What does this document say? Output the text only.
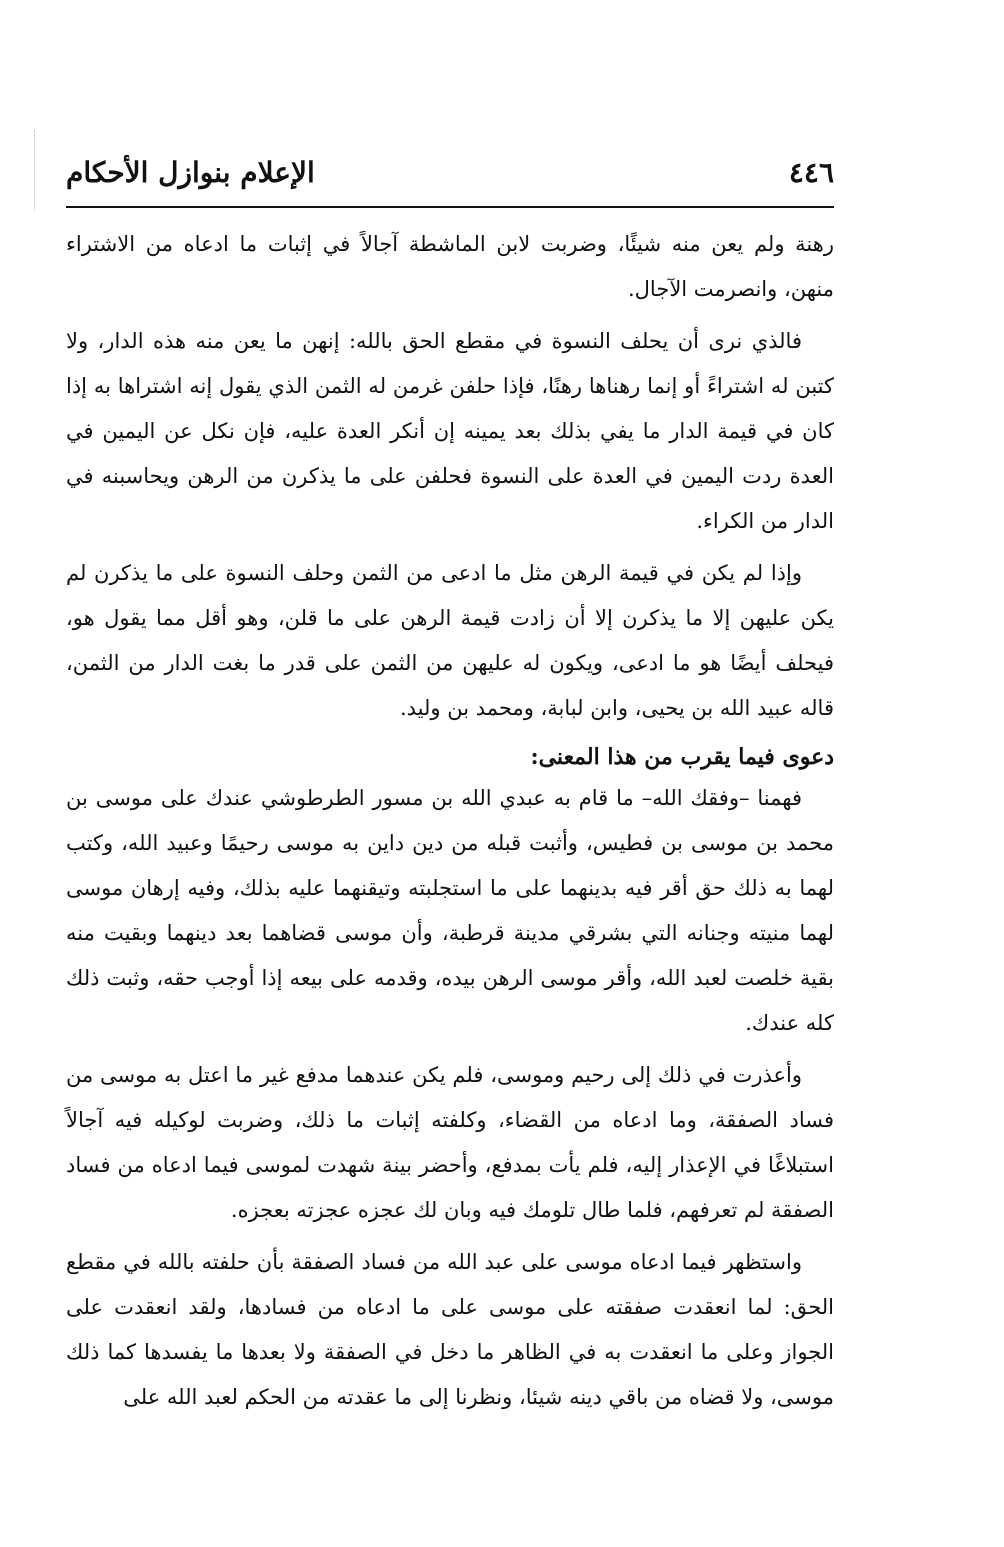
٤٤٦
الإعلام بنوازل الأحكام

رهنة ولم يعن منه شيئًا، وضربت لابن الماشطة آجالاً في إثبات ما ادعاه من الاشتراء منهن، وانصرمت الآجال.

فالذي نرى أن يحلف النسوة في مقطع الحق بالله: إنهن ما يعن منه هذه الدار، ولا كتبن له اشتراءً أو إنما رهناها رهنًا، فإذا حلفن غرمن له الثمن الذي يقول إنه اشتراها به إذا كان في قيمة الدار ما يفي بذلك بعد يمينه إن أنكر العدة عليه، فإن نكل عن اليمين في العدة ردت اليمين في العدة على النسوة فحلفن على ما يذكرن من الرهن ويحاسبنه في الدار من الكراء.

وإذا لم يكن في قيمة الرهن مثل ما ادعى من الثمن وحلف النسوة على ما يذكرن لم يكن عليهن إلا ما يذكرن إلا أن زادت قيمة الرهن على ما قلن، وهو أقل مما يقول هو، فيحلف أيضًا هو ما ادعى، ويكون له عليهن من الثمن على قدر ما بغت الدار من الثمن، قاله عبيد الله بن يحيى، وابن لبابة، ومحمد بن وليد.

دعوى فيما يقرب من هذا المعنى:

فهمنا –وفقك الله– ما قام به عبدي الله بن مسور الطرطوشي عندك على موسى بن محمد بن موسى بن فطيس، وأثبت قبله من دين داين به موسى رحيمًا وعبيد الله، وكتب لهما به ذلك حق أقر فيه بدينهما على ما استجلبته وتيقنهما عليه بذلك، وفيه إرهان موسى لهما منيته وجنانه التي بشرقي مدينة قرطبة، وأن موسى قضاهما بعد دينهما وبقيت منه بقية خلصت لعبد الله، وأقر موسى الرهن بيده، وقدمه على بيعه إذا أوجب حقه، وثبت ذلك كله عندك.

وأعذرت في ذلك إلى رحيم وموسى، فلم يكن عندهما مدفع غير ما اعتل به موسى من فساد الصفقة، وما ادعاه من القضاء، وكلفته إثبات ما ذلك، وضربت لوكيله فيه آجالاً استبلاغًا في الإعذار إليه، فلم يأت بمدفع، وأحضر بينة شهدت لموسى فيما ادعاه من فساد الصفقة لم تعرفهم، فلما طال تلومك فيه وبان لك عجزه عجزته بعجزه.

واستظهر فيما ادعاه موسى على عبد الله من فساد الصفقة بأن حلفته بالله في مقطع الحق: لما انعقدت صفقته على موسى على ما ادعاه من فسادها، ولقد انعقدت على الجواز وعلى ما انعقدت به في الظاهر ما دخل في الصفقة ولا بعدها ما يفسدها كما ذلك موسى، ولا قضاه من باقي دينه شيئا، ونظرنا إلى ما عقدته من الحكم لعبد الله على
